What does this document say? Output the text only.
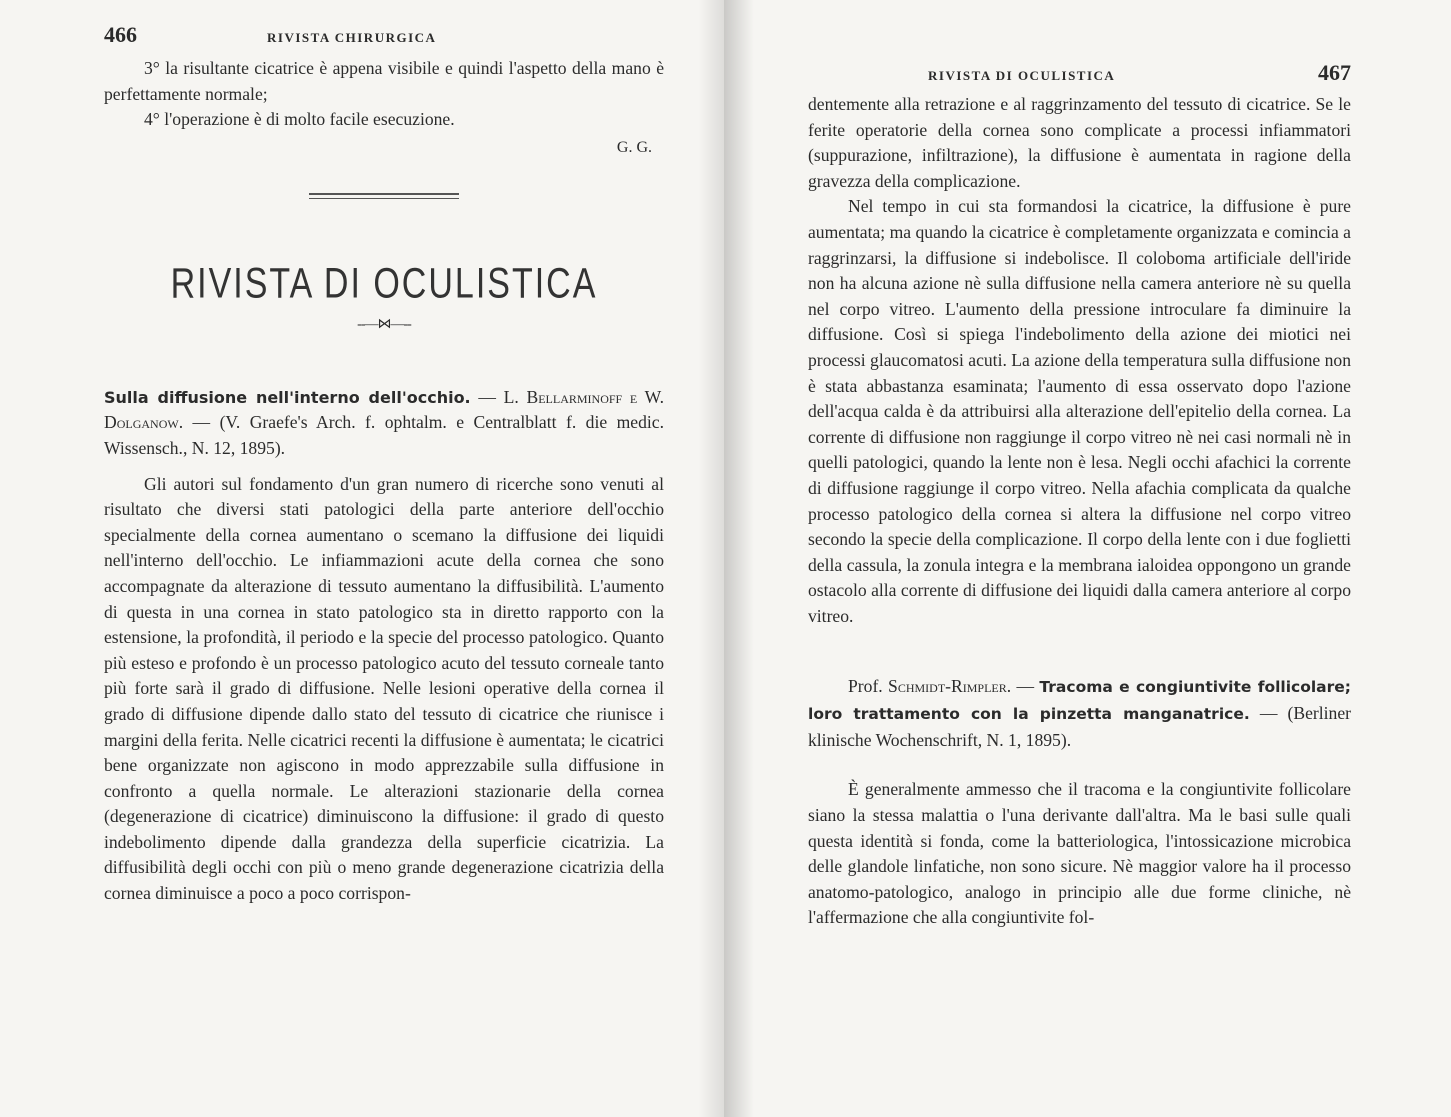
466	RIVISTA CHIRURGICA

3° la risultante cicatrice è appena visibile e quindi l'aspetto della mano è perfettamente normale;

4° l'operazione è di molto facile esecuzione.

G. G.
RIVISTA DI OCULISTICA
--—⋈—--
Sulla diffusione nell'interno dell'occhio. — L. Bellarminoff e W. Dolganow. — (V. Graefe's Arch. f. ophtalm. e Centralblatt f. die medic. Wissensch., N. 12, 1895).

Gli autori sul fondamento d'un gran numero di ricerche sono venuti al risultato che diversi stati patologici della parte anteriore dell'occhio specialmente della cornea aumentano o scemano la diffusione dei liquidi nell'interno dell'occhio. Le infiammazioni acute della cornea che sono accompagnate da alterazione di tessuto aumentano la diffusibilità. L'aumento di questa in una cornea in stato patologico sta in diretto rapporto con la estensione, la profondità, il periodo e la specie del processo patologico. Quanto più esteso e profondo è un processo patologico acuto del tessuto corneale tanto più forte sarà il grado di diffusione. Nelle lesioni operative della cornea il grado di diffusione dipende dallo stato del tessuto di cicatrice che riunisce i margini della ferita. Nelle cicatrici recenti la diffusione è aumentata; le cicatrici bene organizzate non agiscono in modo apprezzabile sulla diffusione in confronto a quella normale. Le alterazioni stazionarie della cornea (degenerazione di cicatrice) diminuiscono la diffusione: il grado di questo indebolimento dipende dalla grandezza della superficie cicatrizia. La diffusibilità degli occhi con più o meno grande degenerazione cicatrizia della cornea diminuisce a poco a poco corrispon-

RIVISTA DI OCULISTICA	467

dentemente alla retrazione e al raggrinzamento del tessuto di cicatrice. Se le ferite operatorie della cornea sono complicate a processi infiammatori (suppurazione, infiltrazione), la diffusione è aumentata in ragione della gravezza della complicazione.

Nel tempo in cui sta formandosi la cicatrice, la diffusione è pure aumentata; ma quando la cicatrice è completamente organizzata e comincia a raggrinzarsi, la diffusione si indebolisce. Il coloboma artificiale dell'iride non ha alcuna azione nè sulla diffusione nella camera anteriore nè su quella nel corpo vitreo. L'aumento della pressione introculare fa diminuire la diffusione. Così si spiega l'indebolimento della azione dei miotici nei processi glaucomatosi acuti. La azione della temperatura sulla diffusione non è stata abbastanza esaminata; l'aumento di essa osservato dopo l'azione dell'acqua calda è da attribuirsi alla alterazione dell'epitelio della cornea. La corrente di diffusione non raggiunge il corpo vitreo nè nei casi normali nè in quelli patologici, quando la lente non è lesa. Negli occhi afachici la corrente di diffusione raggiunge il corpo vitreo. Nella afachia complicata da qualche processo patologico della cornea si altera la diffusione nel corpo vitreo secondo la specie della complicazione. Il corpo della lente con i due foglietti della cassula, la zonula integra e la membrana ialoidea oppongono un grande ostacolo alla corrente di diffusione dei liquidi dalla camera anteriore al corpo vitreo.

Prof. Schmidt-Rimpler. — Tracoma e congiuntivite follicolare; loro trattamento con la pinzetta manganatrice. — (Berliner klinische Wochenschrift, N. 1, 1895).

È generalmente ammesso che il tracoma e la congiuntivite follicolare siano la stessa malattia o l'una derivante dall'altra. Ma le basi sulle quali questa identità si fonda, come la batteriologica, l'intossicazione microbica delle glandole linfatiche, non sono sicure. Nè maggior valore ha il processo anatomo-patologico, analogo in principio alle due forme cliniche, nè l'affermazione che alla congiuntivite fol-
